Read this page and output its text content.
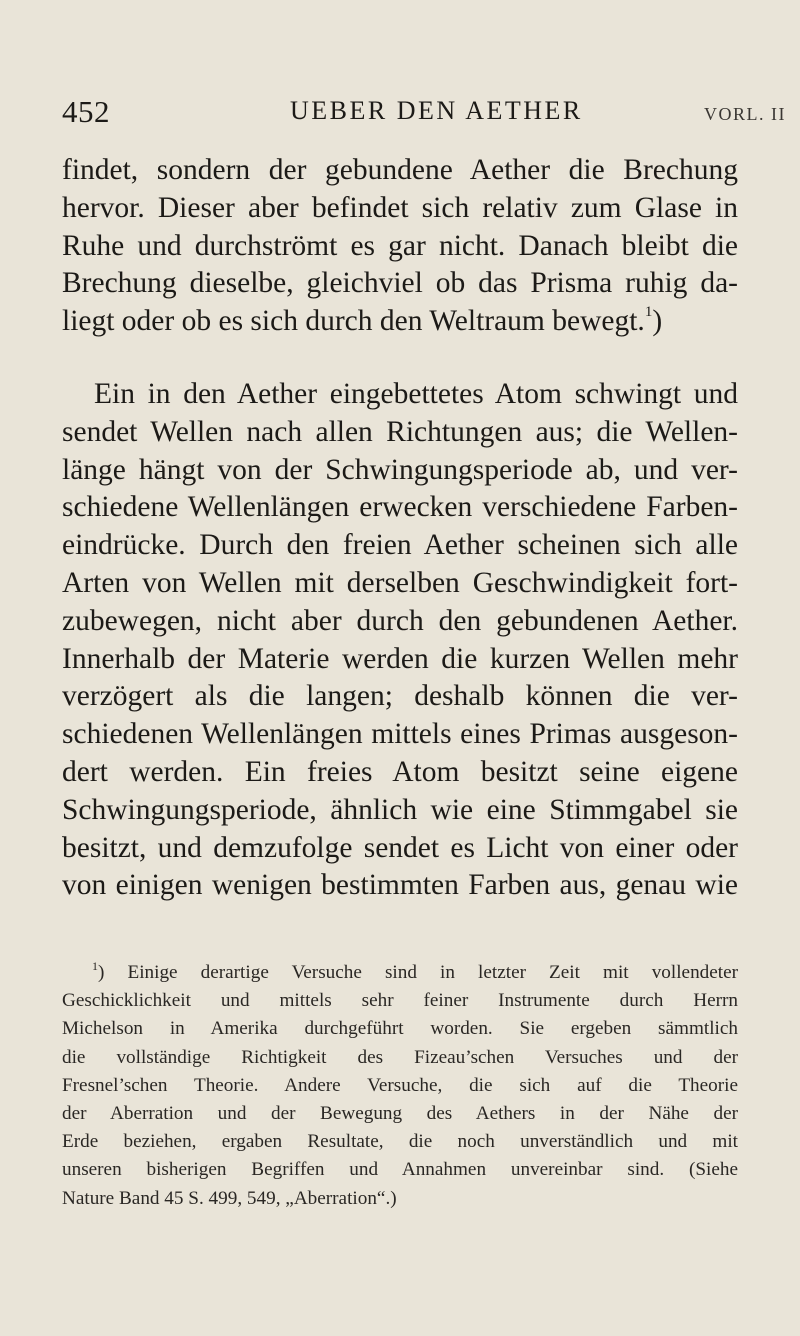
452	UEBER DEN AETHER	VORL. II
findet, sondern der gebundene Aether die Brechung
hervor. Dieser aber befindet sich relativ zum Glase in
Ruhe und durchströmt es gar nicht. Danach bleibt die
Brechung dieselbe, gleichviel ob das Prisma ruhig da-
liegt oder ob es sich durch den Weltraum bewegt.$^1$)
Ein in den Aether eingebettetes Atom schwingt und
sendet Wellen nach allen Richtungen aus; die Wellen-
länge hängt von der Schwingungsperiode ab, und ver-
schiedene Wellenlängen erwecken verschiedene Farben-
eindrücke. Durch den freien Aether scheinen sich alle
Arten von Wellen mit derselben Geschwindigkeit fort-
zubewegen, nicht aber durch den gebundenen Aether.
Innerhalb der Materie werden die kurzen Wellen mehr
verzögert als die langen; deshalb können die ver-
schiedenen Wellenlängen mittels eines Primas ausgeson-
dert werden. Ein freies Atom besitzt seine eigene
Schwingungsperiode, ähnlich wie eine Stimmgabel sie
besitzt, und demzufolge sendet es Licht von einer oder
von einigen wenigen bestimmten Farben aus, genau wie
$^1$) Einige derartige Versuche sind in letzter Zeit mit vollendeter
Geschicklichkeit und mittels sehr feiner Instrumente durch Herrn
Michelson in Amerika durchgeführt worden. Sie ergeben sämmtlich
die vollständige Richtigkeit des Fizeau’schen Versuches und der
Fresnel’schen Theorie. Andere Versuche, die sich auf die Theorie
der Aberration und der Bewegung des Aethers in der Nähe der
Erde beziehen, ergaben Resultate, die noch unverständlich und mit
unseren bisherigen Begriffen und Annahmen unvereinbar sind. (Siehe
Nature Band 45 S. 499, 549, „Aberration“.)
